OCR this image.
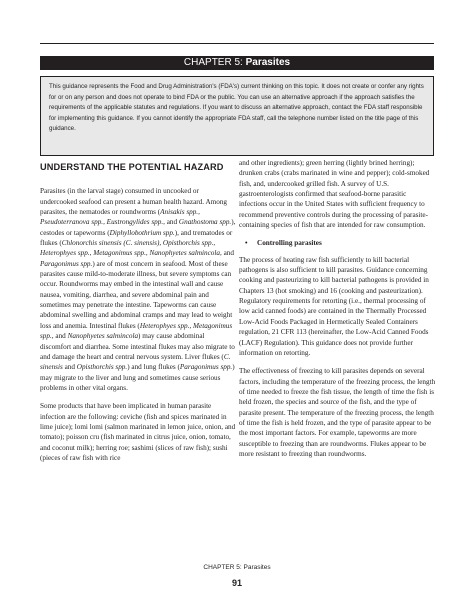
CHAPTER 5: Parasites
This guidance represents the Food and Drug Administration's (FDA's) current thinking on this topic. It does not create or confer any rights for or on any person and does not operate to bind FDA or the public. You can use an alternative approach if the approach satisfies the requirements of the applicable statutes and regulations. If you want to discuss an alternative approach, contact the FDA staff responsible for implementing this guidance. If you cannot identify the appropriate FDA staff, call the telephone number listed on the title page of this guidance.
UNDERSTAND THE POTENTIAL HAZARD

Parasites (in the larval stage) consumed in uncooked or undercooked seafood can present a human health hazard. Among parasites, the nematodes or roundworms (Anisakis spp., Pseudoterranova spp., Eustrongylides spp., and Gnathostoma spp.), cestodes or tapeworms (Diphyllobothrium spp.), and trematodes or flukes (Chlonorchis sinensis (C. sinensis), Opisthorchis spp., Heterophyes spp., Metagonimus spp., Nanophyetes salmincola, and Paragonimus spp.) are of most concern in seafood. Most of these parasites cause mild-to-moderate illness, but severe symptoms can occur. Roundworms may embed in the intestinal wall and cause nausea, vomiting, diarrhea, and severe abdominal pain and sometimes may penetrate the intestine. Tapeworms can cause abdominal swelling and abdominal cramps and may lead to weight loss and anemia. Intestinal flukes (Heterophyes spp., Metagonimus spp., and Nanophyetes salmincola) may cause abdominal discomfort and diarrhea. Some intestinal flukes may also migrate to and damage the heart and central nervous system. Liver flukes (C. sinensis and Opisthorchis spp.) and lung flukes (Paragonimus spp.) may migrate to the liver and lung and sometimes cause serious problems in other vital organs.

Some products that have been implicated in human parasite infection are the following: ceviche (fish and spices marinated in lime juice); lomi lomi (salmon marinated in lemon juice, onion, and tomato); poisson cru (fish marinated in citrus juice, onion, tomato, and coconut milk); herring roe; sashimi (slices of raw fish); sushi (pieces of raw fish with rice

and other ingredients); green herring (lightly brined herring); drunken crabs (crabs marinated in wine and pepper); cold-smoked fish, and, undercooked grilled fish. A survey of U.S. gastroenterologists confirmed that seafood-borne parasitic infections occur in the United States with sufficient frequency to recommend preventive controls during the processing of parasite-containing species of fish that are intended for raw consumption.

• Controlling parasites

The process of heating raw fish sufficiently to kill bacterial pathogens is also sufficient to kill parasites. Guidance concerning cooking and pasteurizing to kill bacterial pathogens is provided in Chapters 13 (hot smoking) and 16 (cooking and pasteurization). Regulatory requirements for retorting (i.e., thermal processing of low acid canned foods) are contained in the Thermally Processed Low-Acid Foods Packaged in Hermetically Sealed Containers regulation, 21 CFR 113 (hereinafter, the Low-Acid Canned Foods (LACF) Regulation). This guidance does not provide further information on retorting.

The effectiveness of freezing to kill parasites depends on several factors, including the temperature of the freezing process, the length of time needed to freeze the fish tissue, the length of time the fish is held frozen, the species and source of the fish, and the type of parasite present. The temperature of the freezing process, the length of time the fish is held frozen, and the type of parasite appear to be the most important factors. For example, tapeworms are more susceptible to freezing than are roundworms. Flukes appear to be more resistant to freezing than roundworms.

CHAPTER 5: Parasites
91
